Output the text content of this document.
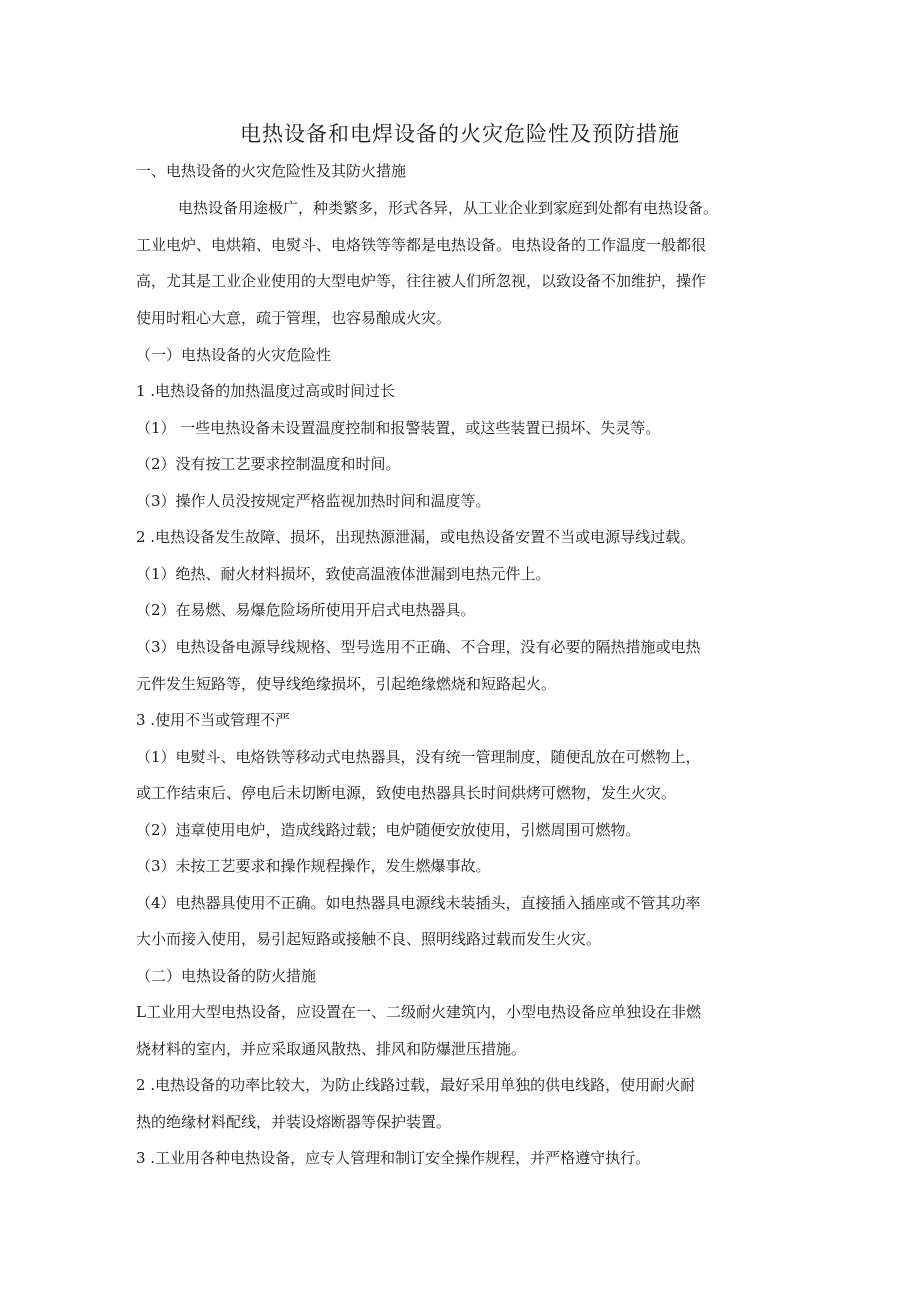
电热设备和电焊设备的火灾危险性及预防措施
一、电热设备的火灾危险性及其防火措施
电热设备用途极广，种类繁多，形式各异，从工业企业到家庭到处都有电热设备。
工业电炉、电烘箱、电熨斗、电烙铁等等都是电热设备。电热设备的工作温度一般都很
高，尤其是工业企业使用的大型电炉等，往往被人们所忽视，以致设备不加维护，操作
使用时粗心大意，疏于管理，也容易酿成火灾。
（一）电热设备的火灾危险性
1 .电热设备的加热温度过高或时间过长
（1） 一些电热设备未设置温度控制和报警装置，或这些装置已损坏、失灵等。
（2）没有按工艺要求控制温度和时间。
（3）操作人员没按规定严格监视加热时间和温度等。
2 .电热设备发生故障、损坏，出现热源泄漏，或电热设备安置不当或电源导线过载。
（1）绝热、耐火材料损坏，致使高温液体泄漏到电热元件上。
（2）在易燃、易爆危险场所使用开启式电热器具。
（3）电热设备电源导线规格、型号选用不正确、不合理，没有必要的隔热措施或电热
元件发生短路等，使导线绝缘损坏，引起绝缘燃烧和短路起火。
3 .使用不当或管理不严
（1）电熨斗、电烙铁等移动式电热器具，没有统一管理制度，随便乱放在可燃物上，
或工作结束后、停电后未切断电源，致使电热器具长时间烘烤可燃物，发生火灾。
（2）违章使用电炉，造成线路过载；电炉随便安放使用，引燃周围可燃物。
（3）未按工艺要求和操作规程操作，发生燃爆事故。
（4）电热器具使用不正确。如电热器具电源线未装插头，直接插入插座或不管其功率
大小而接入使用，易引起短路或接触不良、照明线路过载而发生火灾。
（二）电热设备的防火措施
L工业用大型电热设备，应设置在一、二级耐火建筑内，小型电热设备应单独设在非燃
烧材料的室内，并应采取通风散热、排风和防爆泄压措施。
2 .电热设备的功率比较大，为防止线路过载，最好采用单独的供电线路，使用耐火耐
热的绝缘材料配线，并装设熔断器等保护装置。
3 .工业用各种电热设备，应专人管理和制订安全操作规程，并严格遵守执行。
